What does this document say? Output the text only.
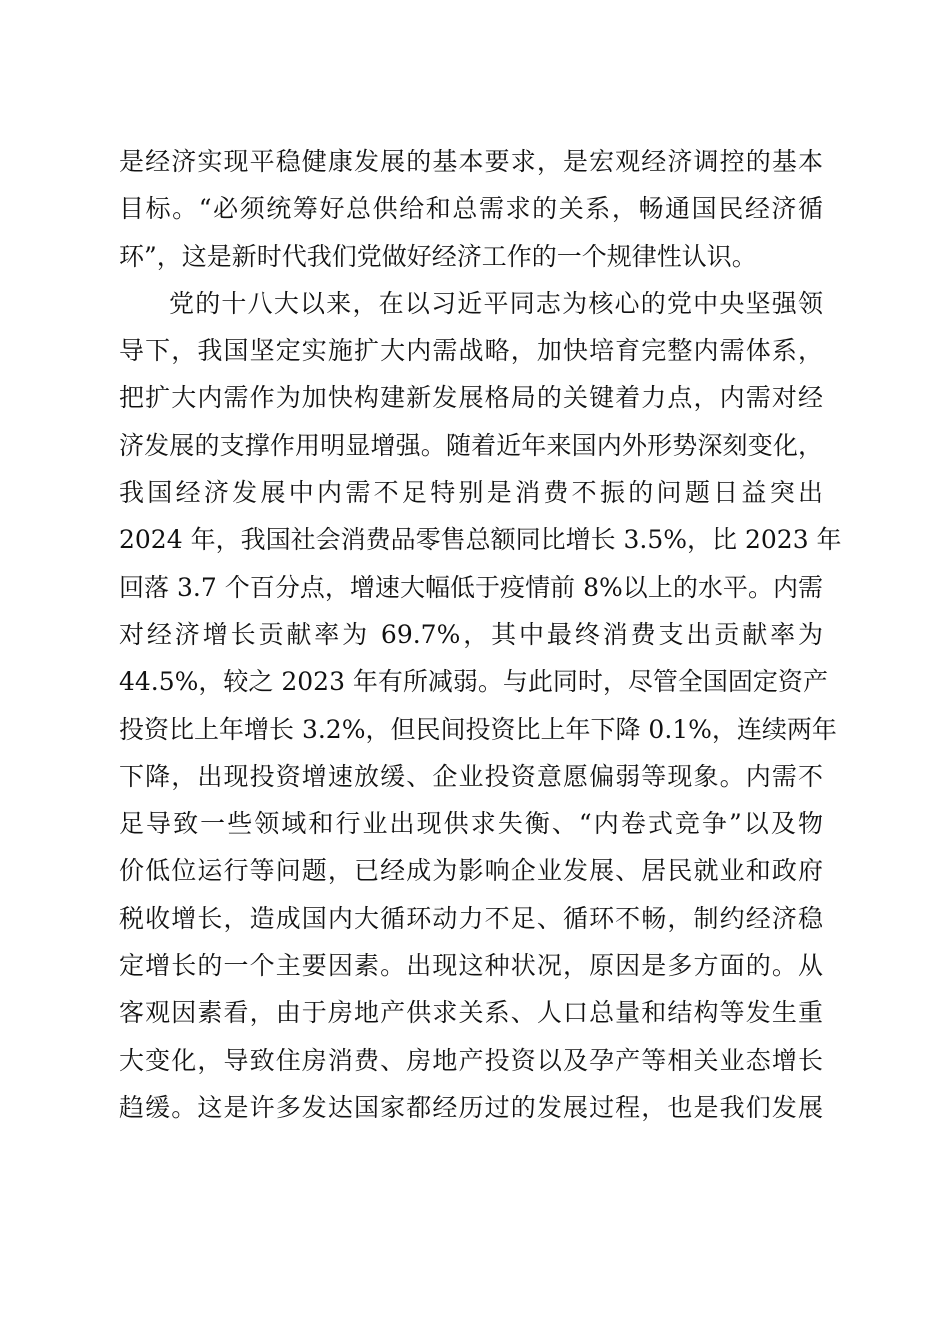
是经济实现平稳健康发展的基本要求，是宏观经济调控的基本
目标。“必须统筹好总供给和总需求的关系，畅通国民经济循
环”，这是新时代我们党做好经济工作的一个规律性认识。
党的十八大以来，在以习近平同志为核心的党中央坚强领
导下，我国坚定实施扩大内需战略，加快培育完整内需体系，
把扩大内需作为加快构建新发展格局的关键着力点，内需对经
济发展的支撑作用明显增强。随着近年来国内外形势深刻变化，
我国经济发展中内需不足特别是消费不振的问题日益突出
2024 年，我国社会消费品零售总额同比增长 3.5%，比 2023 年
回落 3.7 个百分点，增速大幅低于疫情前 8%以上的水平。内需
对经济增长贡献率为 69.7%，其中最终消费支出贡献率为
44.5%，较之 2023 年有所减弱。与此同时，尽管全国固定资产
投资比上年增长 3.2%，但民间投资比上年下降 0.1%，连续两年
下降，出现投资增速放缓、企业投资意愿偏弱等现象。内需不
足导致一些领域和行业出现供求失衡、“内卷式竞争”以及物
价低位运行等问题，已经成为影响企业发展、居民就业和政府
税收增长，造成国内大循环动力不足、循环不畅，制约经济稳
定增长的一个主要因素。出现这种状况，原因是多方面的。从
客观因素看，由于房地产供求关系、人口总量和结构等发生重
大变化，导致住房消费、房地产投资以及孕产等相关业态增长
趋缓。这是许多发达国家都经历过的发展过程，也是我们发展
